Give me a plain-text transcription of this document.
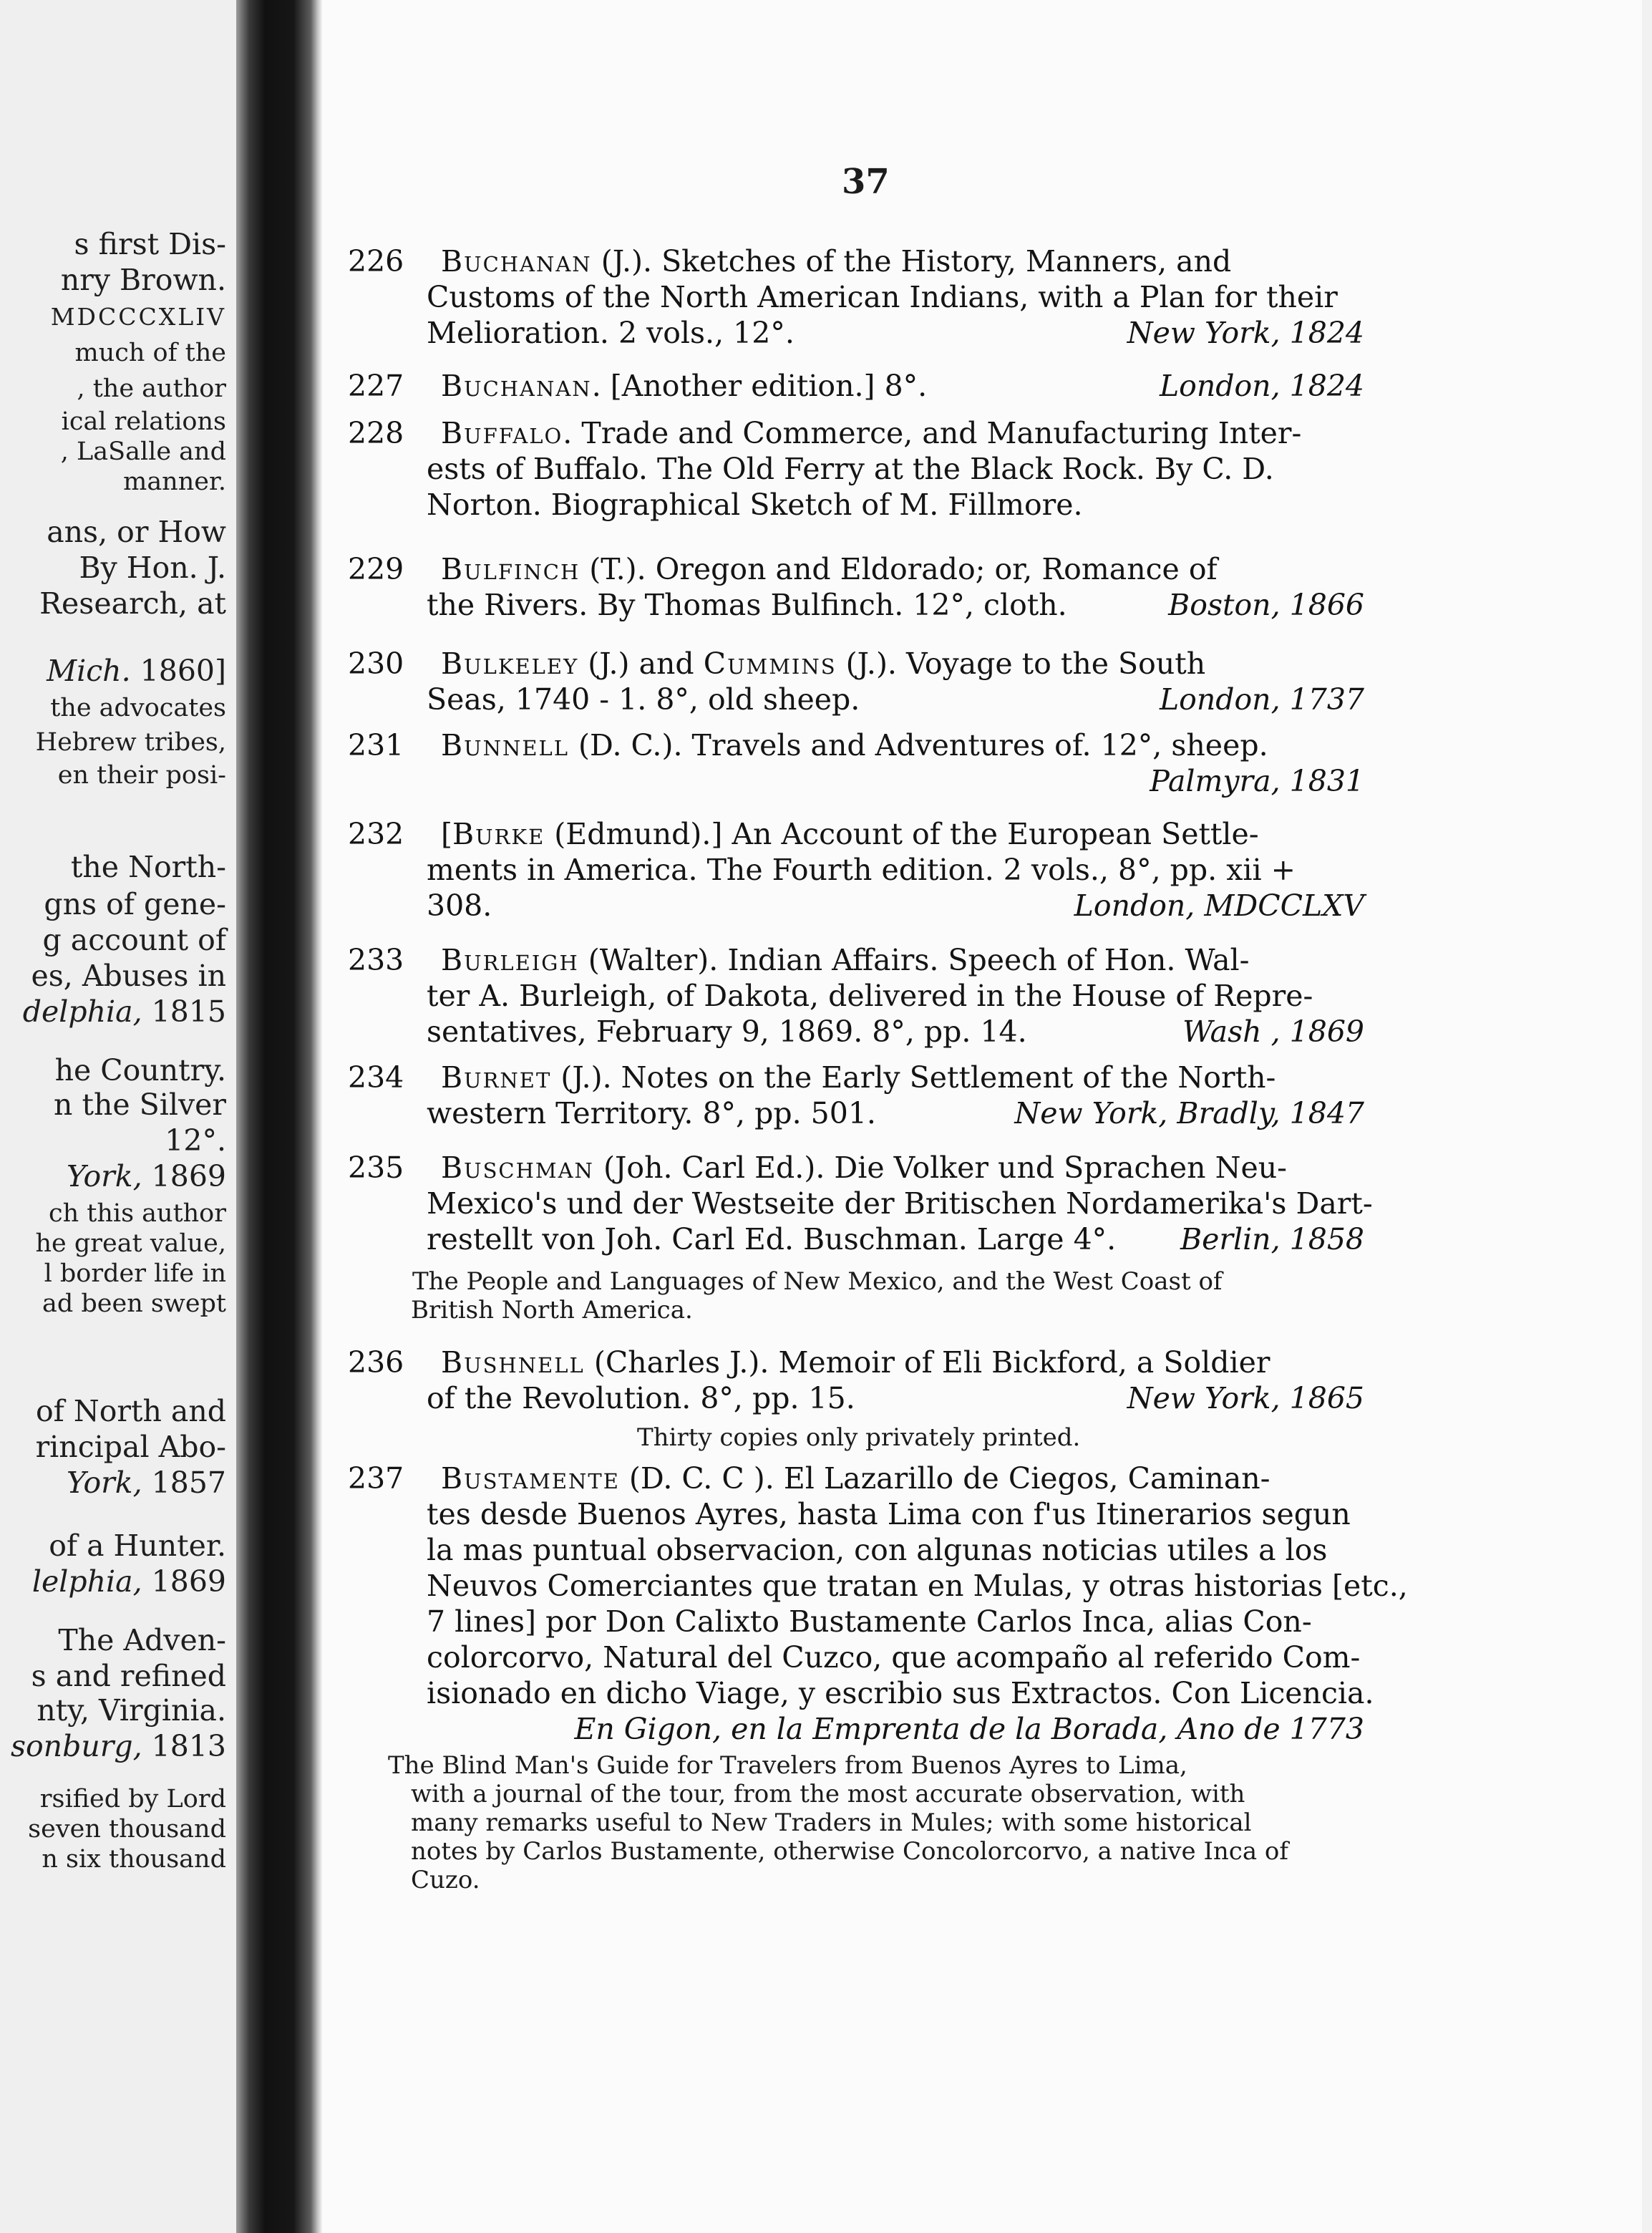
s first Dis-
nry Brown.
MDCCCXLIV
much of the
, the author
ical relations
, LaSalle and
manner.
ans, or How
By Hon. J.
Research, at
Mich. 1860]
the advocates
Hebrew tribes,
en their posi-
the North-
gns of gene-
g account of
es, Abuses in
delphia, 1815
he Country.
n the Silver
12°.
York, 1869
ch this author
he great value,
l border life in
ad been swept
of North and
rincipal Abo-
York, 1857
of a Hunter.
lelphia, 1869
The Adven-
s and refined
nty, Virginia.
sonburg, 1813
rsified by Lord
seven thousand
n six thousand
37
226	Buchanan (J.). Sketches of the History, Manners, and
Customs of the North American Indians, with a Plan for their
Melioration. 2 vols., 12°.	New York, 1824
227	Buchanan. [Another edition.] 8°.	London, 1824
228	Buffalo. Trade and Commerce, and Manufacturing Inter-
ests of Buffalo. The Old Ferry at the Black Rock. By C. D.
Norton. Biographical Sketch of M. Fillmore.
229	Bulfinch (T.). Oregon and Eldorado; or, Romance of
the Rivers. By Thomas Bulfinch. 12°, cloth.	Boston, 1866
230	Bulkeley (J.) and Cummins (J.). Voyage to the South
Seas, 1740 - 1. 8°, old sheep.	London, 1737
231	Bunnell (D. C.). Travels and Adventures of. 12°, sheep.
Palmyra, 1831
232	[Burke (Edmund).] An Account of the European Settle-
ments in America. The Fourth edition. 2 vols., 8°, pp. xii +
308.	London, MDCCLXV
233	Burleigh (Walter). Indian Affairs. Speech of Hon. Wal-
ter A. Burleigh, of Dakota, delivered in the House of Repre-
sentatives, February 9, 1869. 8°, pp. 14.	Wash , 1869
234	Burnet (J.). Notes on the Early Settlement of the North-
western Territory. 8°, pp. 501.	New York, Bradly, 1847
235	Buschman (Joh. Carl Ed.). Die Volker und Sprachen Neu-
Mexico's und der Westseite der Britischen Nordamerika's Dart-
restellt von Joh. Carl Ed. Buschman. Large 4°. Berlin, 1858
236	Bushnell (Charles J.). Memoir of Eli Bickford, a Soldier
of the Revolution. 8°, pp. 15.	New York, 1865
237	Bustamente (D. C. C ). El Lazarillo de Ciegos, Caminan-
tes desde Buenos Ayres, hasta Lima con f'us Itinerarios segun
la mas puntual observacion, con algunas noticias utiles a los
Neuvos Comerciantes que tratan en Mulas, y otras historias [etc.,
7 lines] por Don Calixto Bustamente Carlos Inca, alias Con-
colorcorvo, Natural del Cuzco, que acompaño al referido Com-
isionado en dicho Viage, y escribio sus Extractos. Con Licencia.
En Gigon, en la Emprenta de la Borada, Ano de 1773
The People and Languages of New Mexico, and the West Coast of
British North America.
Thirty copies only privately printed.
The Blind Man's Guide for Travelers from Buenos Ayres to Lima,
with a journal of the tour, from the most accurate observation, with
many remarks useful to New Traders in Mules; with some historical
notes by Carlos Bustamente, otherwise Concolorcorvo, a native Inca of
Cuzo.
